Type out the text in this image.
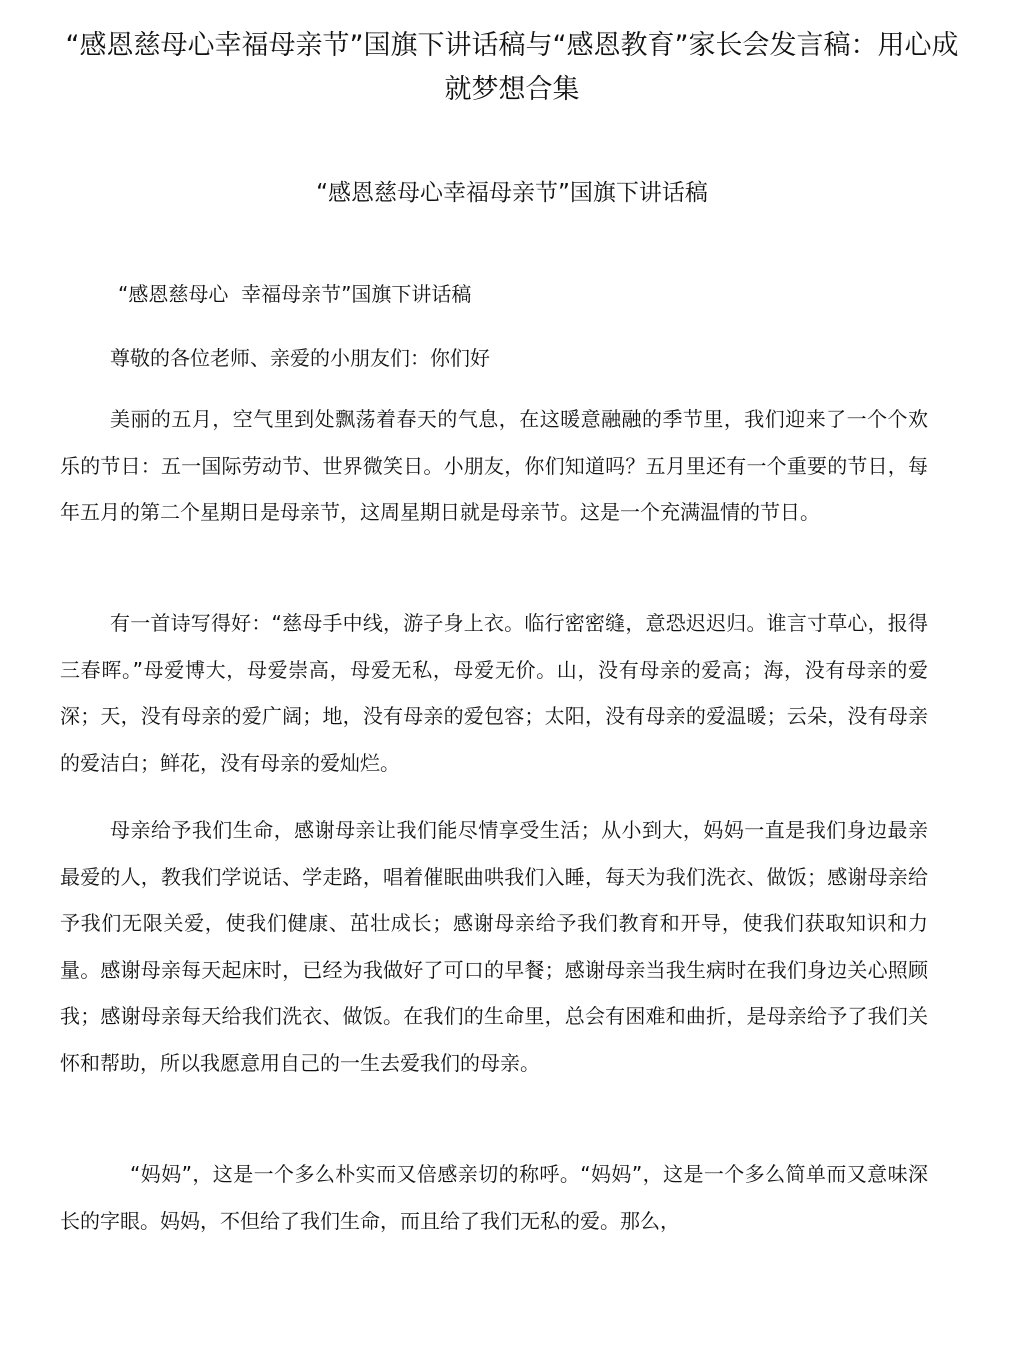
“感恩慈母心幸福母亲节”国旗下讲话稿与“感恩教育”家长会发言稿：用心成就梦想合集
“感恩慈母心幸福母亲节”国旗下讲话稿

“感恩慈母心  幸福母亲节”国旗下讲话稿

尊敬的各位老师、亲爱的小朋友们：你们好

美丽的五月，空气里到处飘荡着春天的气息，在这暖意融融的季节里，我们迎来了一个个欢乐的节日：五一国际劳动节、世界微笑日。小朋友，你们知道吗？五月里还有一个重要的节日，每年五月的第二个星期日是母亲节，这周星期日就是母亲节。这是一个充满温情的节日。

有一首诗写得好：“慈母手中线，游子身上衣。临行密密缝，意恐迟迟归。谁言寸草心，报得三春晖。”母爱博大，母爱崇高，母爱无私，母爱无价。山，没有母亲的爱高；海，没有母亲的爱深；天，没有母亲的爱广阔；地，没有母亲的爱包容；太阳，没有母亲的爱温暖；云朵，没有母亲的爱洁白；鲜花，没有母亲的爱灿烂。

母亲给予我们生命，感谢母亲让我们能尽情享受生活；从小到大，妈妈一直是我们身边最亲最爱的人，教我们学说话、学走路，唱着催眠曲哄我们入睡，每天为我们洗衣、做饭；感谢母亲给予我们无限关爱，使我们健康、茁壮成长；感谢母亲给予我们教育和开导，使我们获取知识和力量。感谢母亲每天起床时，已经为我做好了可口的早餐；感谢母亲当我生病时在我们身边关心照顾我；感谢母亲每天给我们洗衣、做饭。在我们的生命里，总会有困难和曲折，是母亲给予了我们关怀和帮助，所以我愿意用自己的一生去爱我们的母亲。

“妈妈”，这是一个多么朴实而又倍感亲切的称呼。“妈妈”，这是一个多么简单而又意味深长的字眼。妈妈，不但给了我们生命，而且给了我们无私的爱。那么，
